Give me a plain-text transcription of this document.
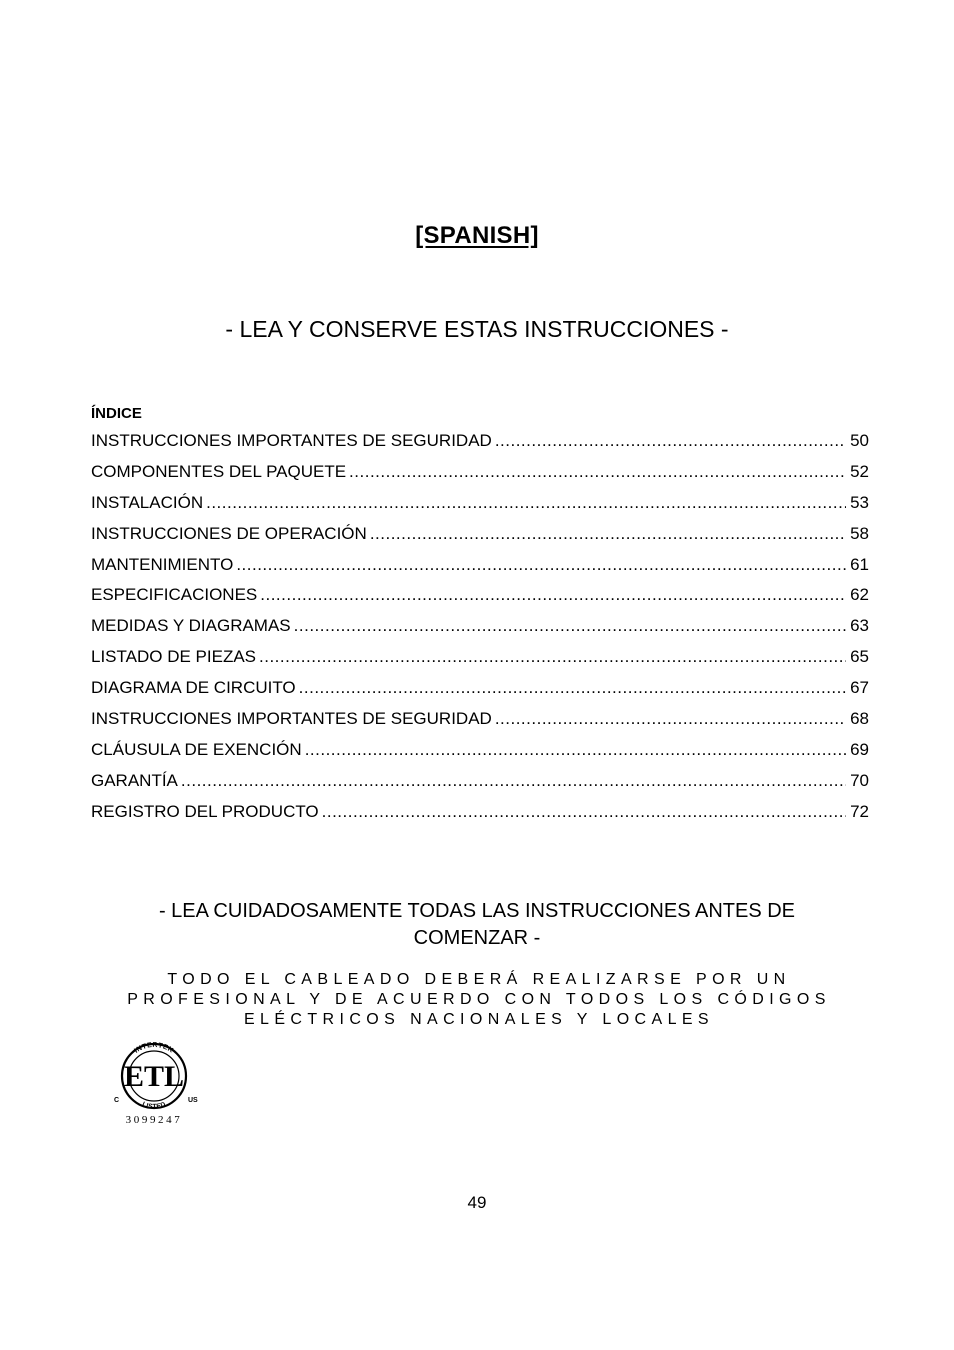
[SPANISH]
- LEA Y CONSERVE ESTAS INSTRUCCIONES -
ÍNDICE
INSTRUCCIONES IMPORTANTES DE SEGURIDAD .....	50
COMPONENTES DEL PAQUETE .....	52
INSTALACIÓN .....	53
INSTRUCCIONES DE OPERACIÓN .....	58
MANTENIMIENTO .....	61
ESPECIFICACIONES .....	62
MEDIDAS Y DIAGRAMAS .....	63
LISTADO DE PIEZAS .....	65
DIAGRAMA DE CIRCUITO .....	67
INSTRUCCIONES IMPORTANTES DE SEGURIDAD .....	68
CLÁUSULA DE EXENCIÓN .....	69
GARANTÍA .....	70
REGISTRO DEL PRODUCTO .....	72
- LEA CUIDADOSAMENTE TODAS LAS INSTRUCCIONES ANTES DE COMENZAR -
TODO EL CABLEADO DEBERÁ REALIZARSE POR UN PROFESIONAL Y DE ACUERDO CON TODOS LOS CÓDIGOS ELÉCTRICOS NACIONALES Y LOCALES
INTERTEK
ETL
LISTED
C	US
3099247
49
